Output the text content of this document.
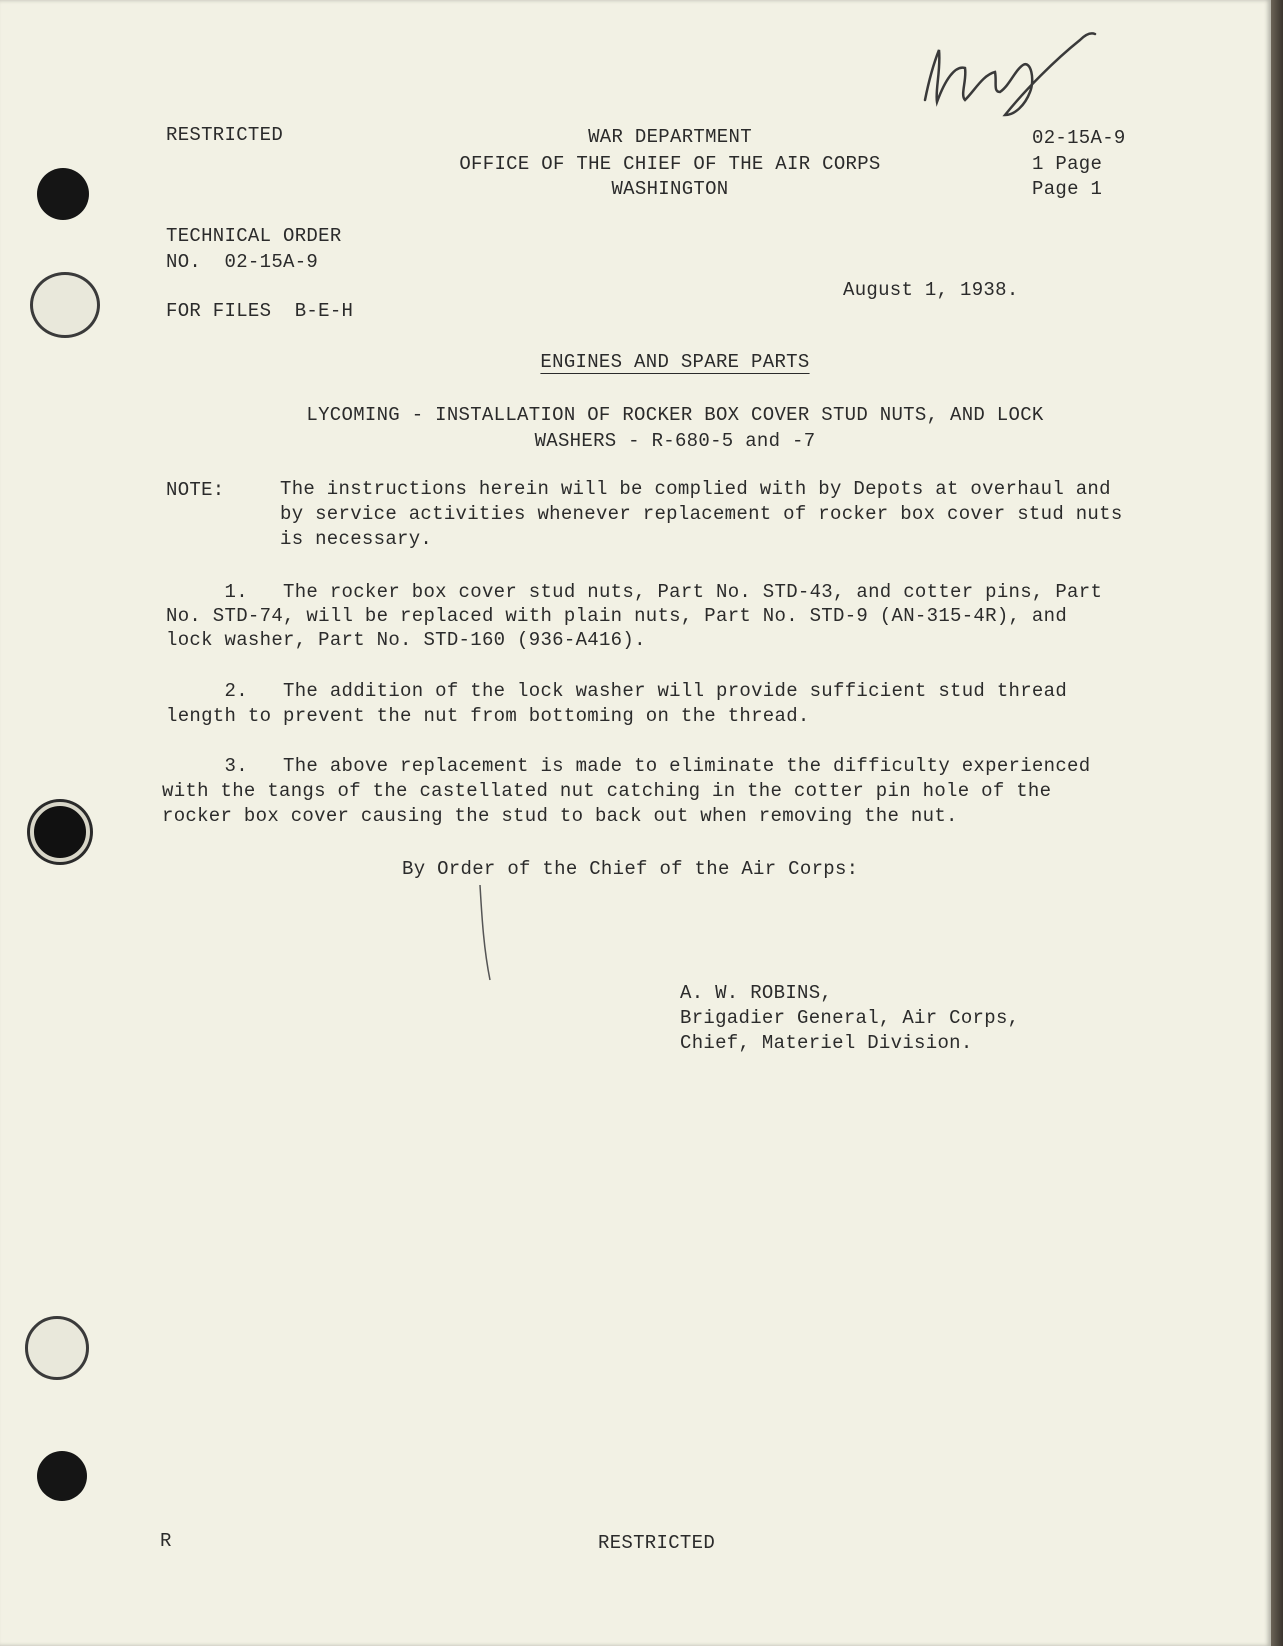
RESTRICTED	WAR DEPARTMENT
OFFICE OF THE CHIEF OF THE AIR CORPS
WASHINGTON
02-15A-9
1 Page
Page 1
TECHNICAL ORDER
NO.  02-15A-9
FOR FILES  B-E-H
August 1, 1938.
ENGINES AND SPARE PARTS
LYCOMING - INSTALLATION OF ROCKER BOX COVER STUD NUTS, AND LOCK
WASHERS - R-680-5 and -7
NOTE:	The instructions herein will be complied with by Depots at overhaul and
by service activities whenever replacement of rocker box cover stud nuts
is necessary.
1.   The rocker box cover stud nuts, Part No. STD-43, and cotter pins, Part
No. STD-74, will be replaced with plain nuts, Part No. STD-9 (AN-315-4R), and
lock washer, Part No. STD-160 (936-A416).
2.   The addition of the lock washer will provide sufficient stud thread
length to prevent the nut from bottoming on the thread.
3.   The above replacement is made to eliminate the difficulty experienced
with the tangs of the castellated nut catching in the cotter pin hole of the
rocker box cover causing the stud to back out when removing the nut.
By Order of the Chief of the Air Corps:
A. W. ROBINS,
Brigadier General, Air Corps,
Chief, Materiel Division.
R	RESTRICTED
